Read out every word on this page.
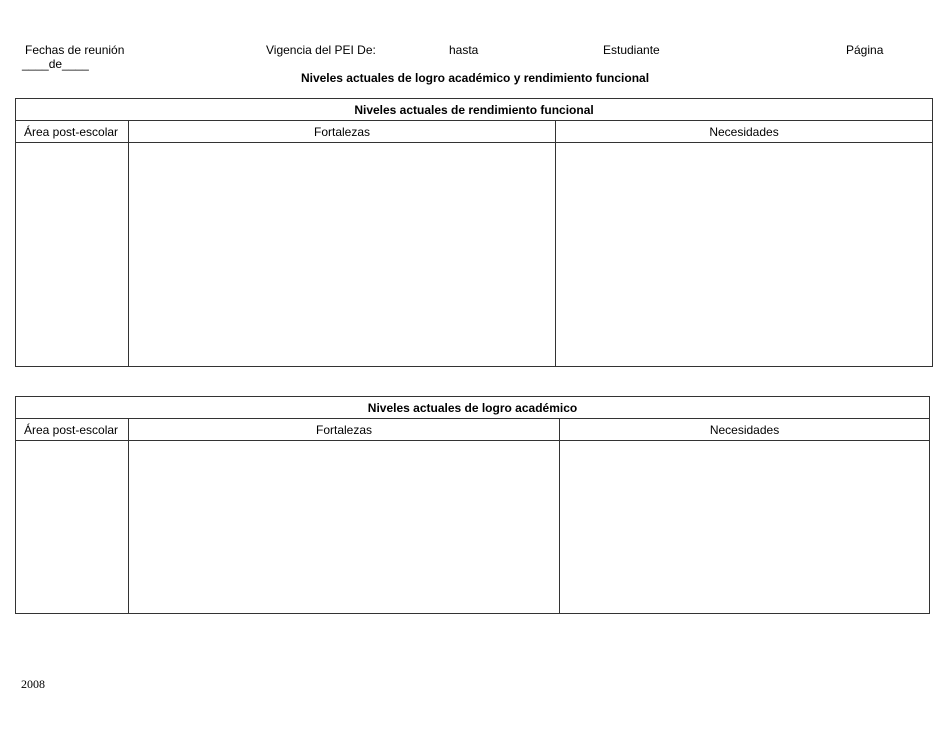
Fechas de reunión
____de____
Vigencia del PEI De:	hasta	Estudiante	Página
Niveles actuales de logro académico y rendimiento funcional
Niveles actuales de rendimiento funcional		
Área post-escolar	Fortalezas	Necesidades

Niveles actuales de logro académico		
Área post-escolar	Fortalezas	Necesidades

2008
